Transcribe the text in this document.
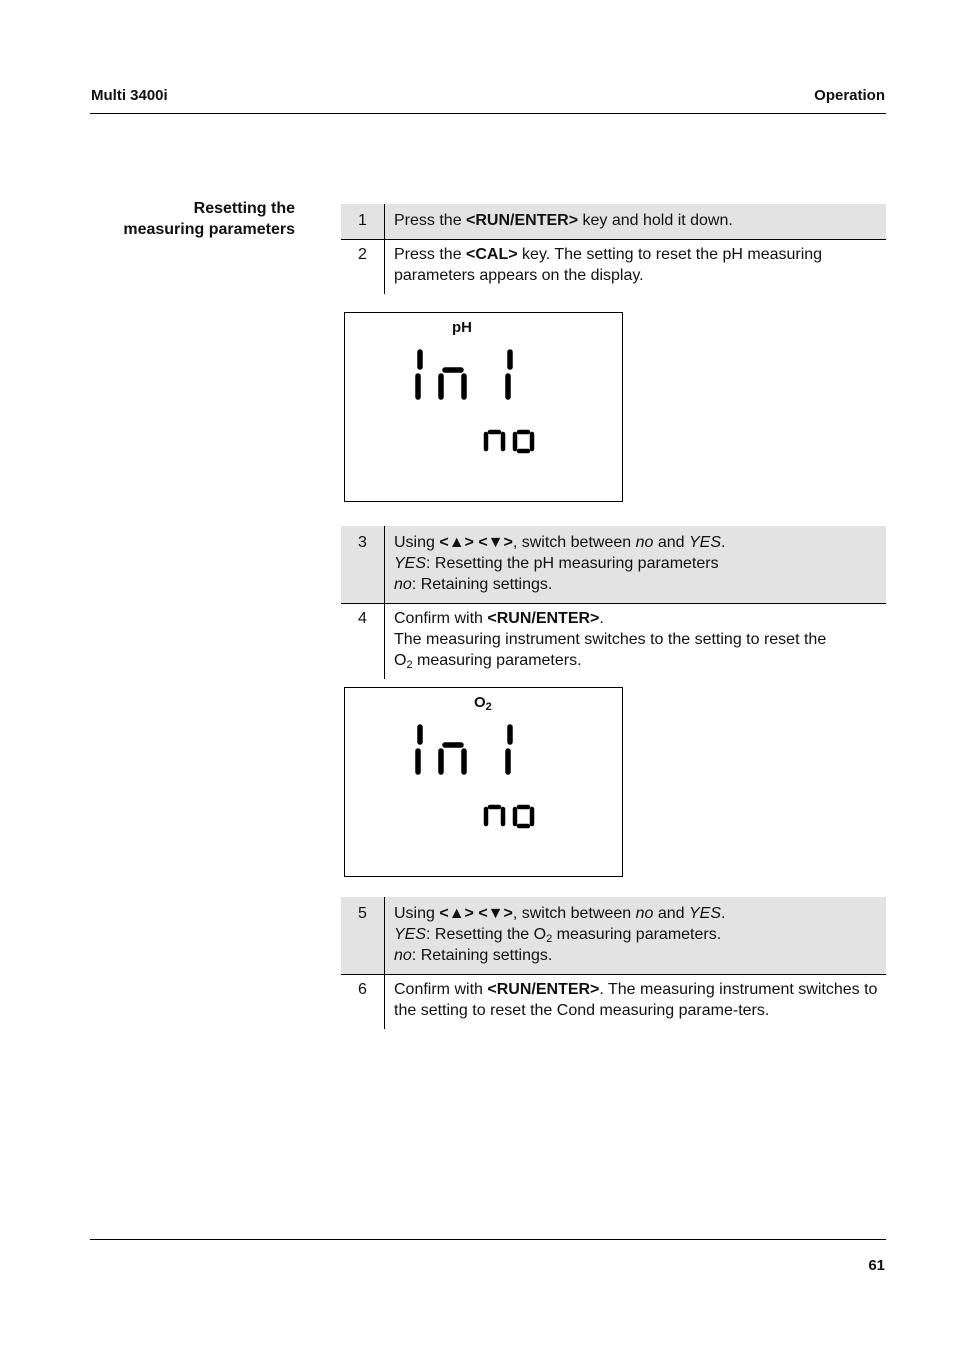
Multi 3400i	Operation
Resetting the
measuring parameters
1	Press the <RUN/ENTER> key and hold it down.
2	Press the <CAL> key. The setting to reset the pH measuring parameters appears on the display.
pH
3	Using <▲> <▼>, switch between no and YES.
YES: Resetting the pH measuring parameters
no: Retaining settings.

4	Confirm with <RUN/ENTER>.
The measuring instrument switches to the setting to reset the
$O_2$ measuring parameters.
$O_2$
5	Using <▲> <▼>, switch between no and YES.
YES: Resetting the $O_2$ measuring parameters.
no: Retaining settings.

6	Confirm with <RUN/ENTER>. The measuring instrument switches to the setting to reset the Cond measuring parame-ters.
61
